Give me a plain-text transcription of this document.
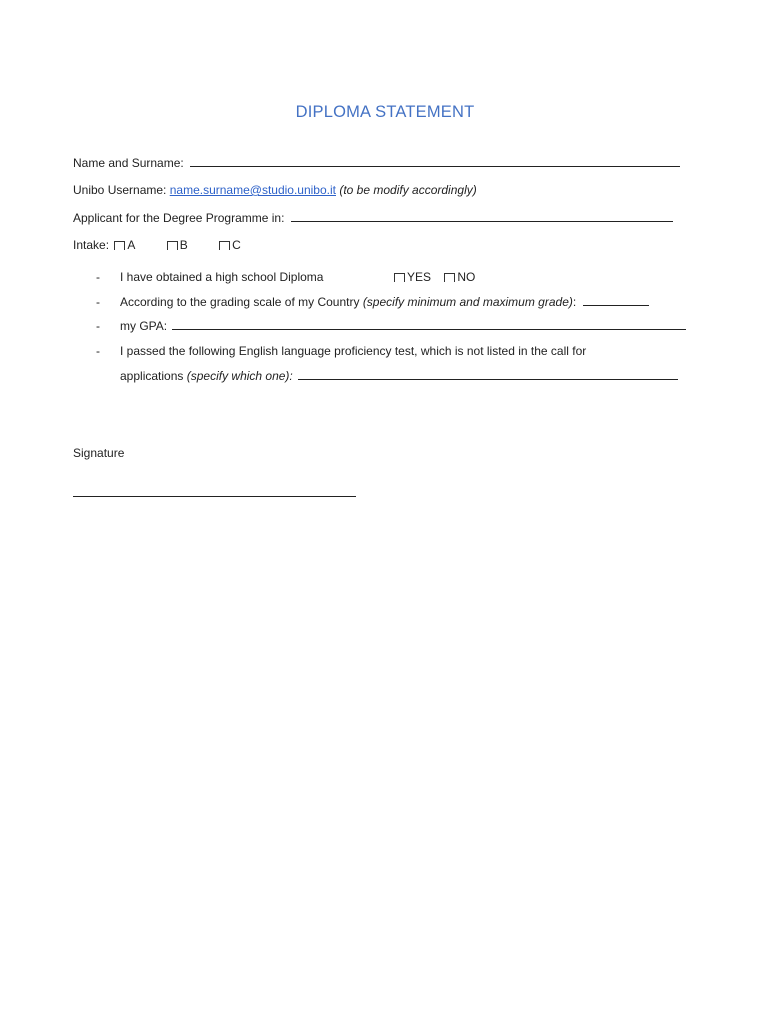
DIPLOMA STATEMENT
Name and Surname:
Unibo Username: name.surname@studio.unibo.it (to be modify accordingly)
Applicant for the Degree Programme in:
Intake: A	B	C
- I have obtained a high school Diploma	YES NO
- According to the grading scale of my Country (specify minimum and maximum grade):
- my GPA:
- I passed the following English language proficiency test, which is not listed in the call for
applications (specify which one):
Signature
